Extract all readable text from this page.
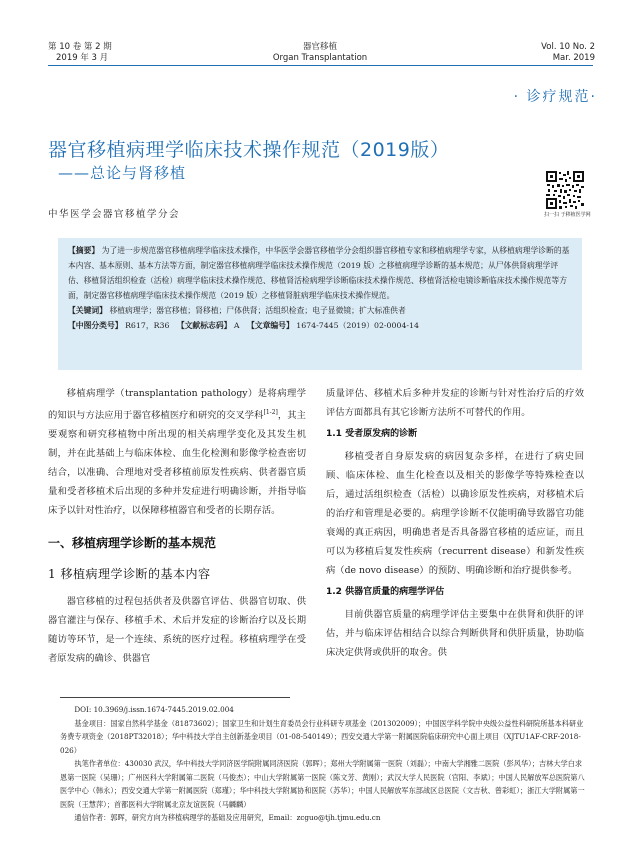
第 10 卷 第 2 期
2019 年 3 月
器官移植
Organ Transplantation
Vol. 10 No. 2
Mar. 2019
· 诊疗规范·
器官移植病理学临床技术操作规范（2019版）
——总论与肾移植
中华医学会器官移植学分会	扫一扫 于移植医学网

【摘要】 为了进一步规范器官移植病理学临床技术操作，中华医学会器官移植学分会组织器官移植专家和移植病理学专家，从移植病理学诊断的基本内容、基本原则、基本方法等方面，制定器官移植病理学临床技术操作规范（2019 版）之移植病理学诊断的基本规范；从尸体供肾病理学评估、移植肾活组织检查（活检）病理学临床技术操作规范、移植肾活检病理学诊断临床技术操作规范、移植肾活检电镜诊断临床技术操作规范等方面，制定器官移植病理学临床技术操作规范（2019 版）之移植肾脏病理学临床技术操作规范。

【关键词】 移植病理学；器官移植；肾移植；尸体供肾；活组织检查；电子显微镜；扩大标准供者

【中图分类号】 R617，R36 【文献标志码】 A 【文章编号】 1674-7445（2019）02-0004-14

移植病理学（transplantation pathology）是将病理学的知识与方法应用于器官移植医疗和研究的交叉学科[1-2]，其主要观察和研究移植物中所出现的相关病理学变化及其发生机制，并在此基础上与临床体检、血生化检测和影像学检查密切结合，以准确、合理地对受者移植前原发性疾病、供者器官质量和受者移植术后出现的多种并发症进行明确诊断，并指导临床予以针对性治疗，以保障移植器官和受者的长期存活。

一、移植病理学诊断的基本规范
1 移植病理学诊断的基本内容

器官移植的过程包括供者及供器官评估、供器官切取、供器官灌注与保存、移植手术、术后并发症的诊断治疗以及长期随访等环节，是一个连续、系统的医疗过程。移植病理学在受者原发病的确诊、供器官

质量评估、移植术后多种并发症的诊断与针对性治疗后的疗效评估方面都具有其它诊断方法所不可替代的作用。

1.1 受者原发病的诊断

移植受者自身原发病的病因复杂多样，在进行了病史回顾、临床体检、血生化检查以及相关的影像学等特殊检查以后，通过活组织检查（活检）以确诊原发性疾病，对移植术后的治疗和管理是必要的。病理学诊断不仅能明确导致器官功能衰竭的真正病因，明确患者是否具备器官移植的适应证，而且可以为移植后复发性疾病（recurrent disease）和新发性疾病（de novo disease）的预防、明确诊断和治疗提供参考。

1.2 供器官质量的病理学评估

目前供器官质量的病理学评估主要集中在供肾和供肝的评估，并与临床评估相结合以综合判断供肾和供肝质量，协助临床决定供肾或供肝的取舍。供

DOI: 10.3969/j.issn.1674-7445.2019.02.004

基金项目：国家自然科学基金（81873602）；国家卫生和计划生育委员会行业科研专项基金（201302009）；中国医学科学院中央级公益性科研院所基本科研业务费专项资金（2018PT32018）；华中科技大学自主创新基金项目（01-08-540149）；西安交通大学第一附属医院临床研究中心面上项目（XJTU1AF-CRF-2018-026）

执笔作者单位：430030 武汉，华中科技大学同济医学院附属同济医院（郭晖）；郑州大学附属第一医院（刘磊）；中南大学湘雅二医院（彭风华）；吉林大学白求恩第一医院（吴珊）；广州医科大学附属第二医院（马俊杰）；中山大学附属第一医院（陈文芳、黄刚）；武汉大学人民医院（官阳、李斌）；中国人民解放军总医院第八医学中心（韩永）；西安交通大学第一附属医院（郑瑾）；华中科技大学附属协和医院（苏华）；中国人民解放军东部战区总医院（文吉秋、曾彩虹）；浙江大学附属第一医院（王慧萍）；首都医科大学附属北京友谊医院（马麟麟）

通信作者：郭晖，研究方向为移植病理学的基础及应用研究，Email：zcguo@tjh.tjmu.edu.cn
